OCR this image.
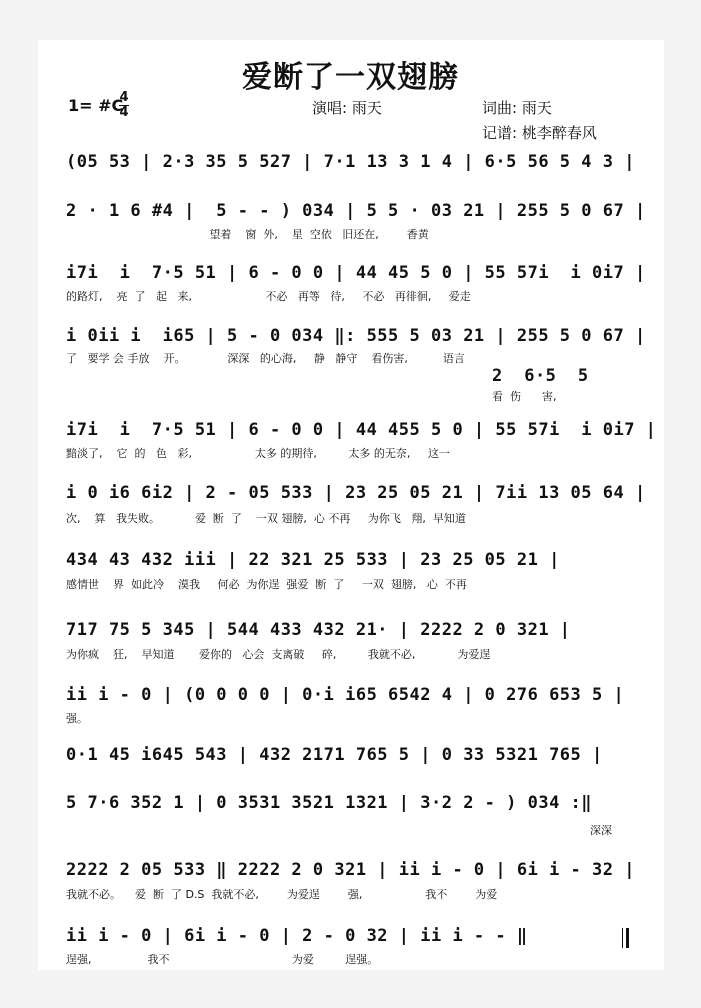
爱断了一双翅膀
1= #C
4
4	演唱: 雨天	词曲: 雨天
记谱: 桃李醉春风
(05 53 | 2·3 35 5 527 | 7·1 13 3 1 4 | 6·5 56 5 4 3 |
2 · 1 6 #4 |  5 - - ) 034 | 5 5 · 03 21 | 255 5 0 67 |
望着    窗  外,    星  空依   旧还在,        香黄
i7i  i  7·5 51 | 6 - 0 0 | 44 45 5 0 | 55 57i  i 0i7 |
的路灯,    亮  了   起   来,                     不必   再等   待,     不必   再徘徊,     爱走
i 0ii i  i65 | 5 - 0 034 ‖: 555 5 03 21 | 255 5 0 67 |
了   要学 会 手放    开。            深深   的心海,     静   静守    看伤害,          语言
2  6·5  5
看  伤      害,
i7i  i  7·5 51 | 6 - 0 0 | 44 455 5 0 | 55 57i  i 0i7 |
黯淡了,    它  的   色   彩,                  太多 的期待,         太多 的无奈,     这一
i 0 i6 6i2 | 2 - 05 533 | 23 25 05 21 | 7ii 13 05 64 |
次,    算   我失败。          爱  断  了    一双 翅膀,  心 不再     为你飞   翔,  早知道
434 43 432 iii | 22 321 25 533 | 23 25 05 21 |
感情世    界  如此冷    漠我     何必  为你逞  强爱  断  了     一双  翅膀,   心  不再
717 75 5 345 | 544 433 432 21· | 2222 2 0 321 |
为你疯    狂,    早知道       爱你的   心会  支离破     碎,         我就不必,            为爱逞
ii i - 0 | (0 0 0 0 | 0·i i65 6542 4 | 0 276 653 5 |
强。
0·1 45 i645 543 | 432 2171 765 5 | 0 33 5321 765 |
5 7·6 352 1 | 0 3531 3521 1321 | 3·2 2 - ) 034 :‖
深深
2222 2 05 533 ‖ 2222 2 0 321 | ii i - 0 | 6i i - 32 |
我就不必。    爱  断  了 D.S  我就不必,        为爱逞        强,                  我不        为爱
ii i - 0 | 6i i - 0 | 2 - 0 32 | ii i - - ‖
逞强,                我不                                   为爱         逞强。
